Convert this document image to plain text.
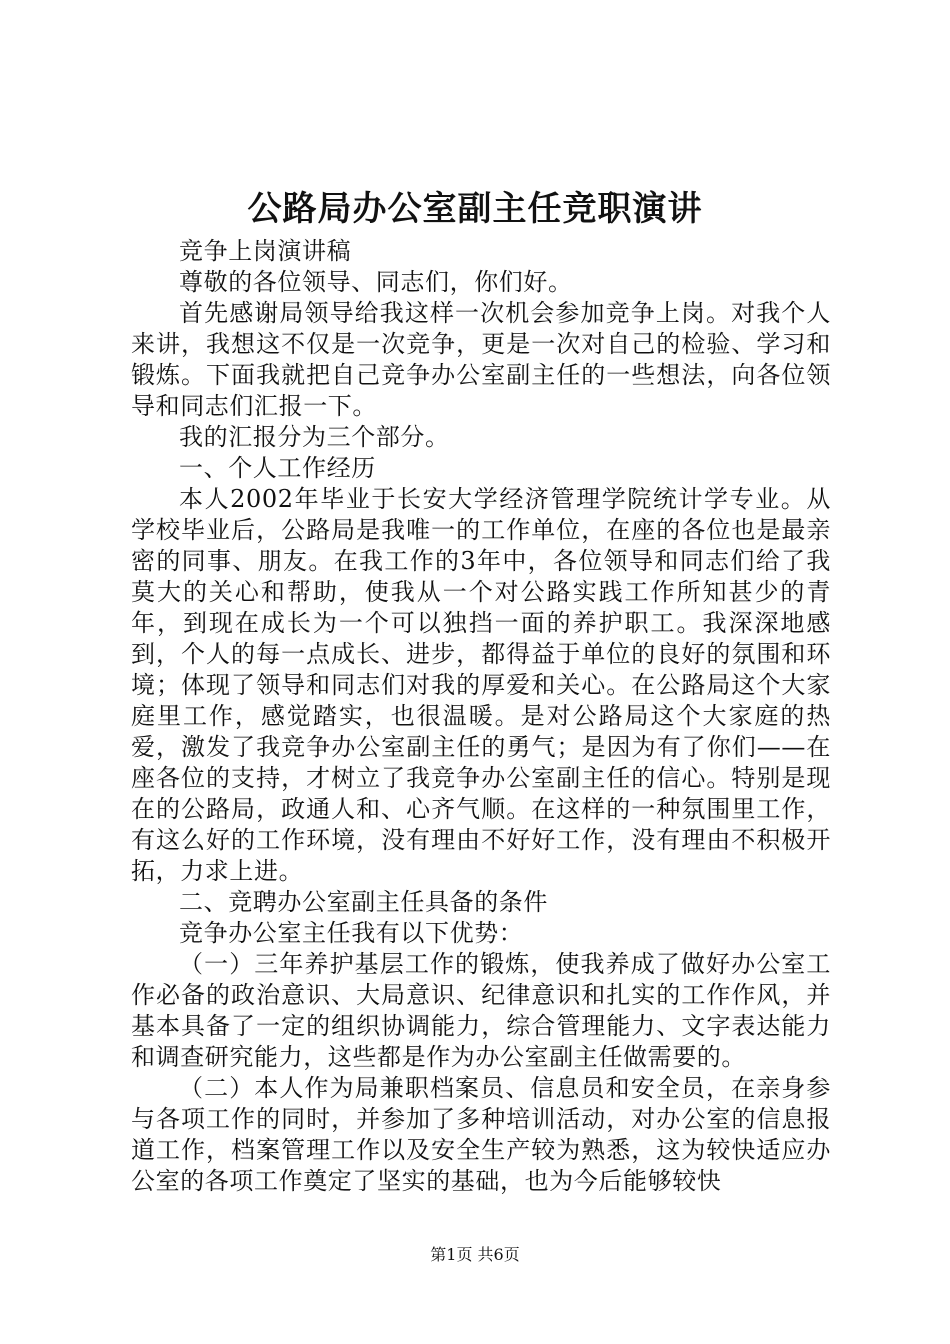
公路局办公室副主任竞职演讲

竞争上岗演讲稿

尊敬的各位领导、同志们，你们好。

首先感谢局领导给我这样一次机会参加竞争上岗。对我个人来讲，我想这不仅是一次竞争，更是一次对自己的检验、学习和锻炼。下面我就把自己竞争办公室副主任的一些想法，向各位领导和同志们汇报一下。

我的汇报分为三个部分。

一、个人工作经历

本人2002年毕业于长安大学经济管理学院统计学专业。从学校毕业后，公路局是我唯一的工作单位，在座的各位也是最亲密的同事、朋友。在我工作的3年中，各位领导和同志们给了我莫大的关心和帮助，使我从一个对公路实践工作所知甚少的青年，到现在成长为一个可以独挡一面的养护职工。我深深地感到，个人的每一点成长、进步，都得益于单位的良好的氛围和环境；体现了领导和同志们对我的厚爱和关心。在公路局这个大家庭里工作，感觉踏实，也很温暖。是对公路局这个大家庭的热爱，激发了我竞争办公室副主任的勇气；是因为有了你们——在座各位的支持，才树立了我竞争办公室副主任的信心。特别是现在的公路局，政通人和、心齐气顺。在这样的一种氛围里工作，有这么好的工作环境，没有理由不好好工作，没有理由不积极开拓，力求上进。

二、竞聘办公室副主任具备的条件

竞争办公室主任我有以下优势：

（一）三年养护基层工作的锻炼，使我养成了做好办公室工作必备的政治意识、大局意识、纪律意识和扎实的工作作风，并基本具备了一定的组织协调能力，综合管理能力、文字表达能力和调查研究能力，这些都是作为办公室副主任做需要的。

（二）本人作为局兼职档案员、信息员和安全员，在亲身参与各项工作的同时，并参加了多种培训活动，对办公室的信息报道工作，档案管理工作以及安全生产较为熟悉，这为较快适应办公室的各项工作奠定了坚实的基础，也为今后能够较快

第1页 共6页
